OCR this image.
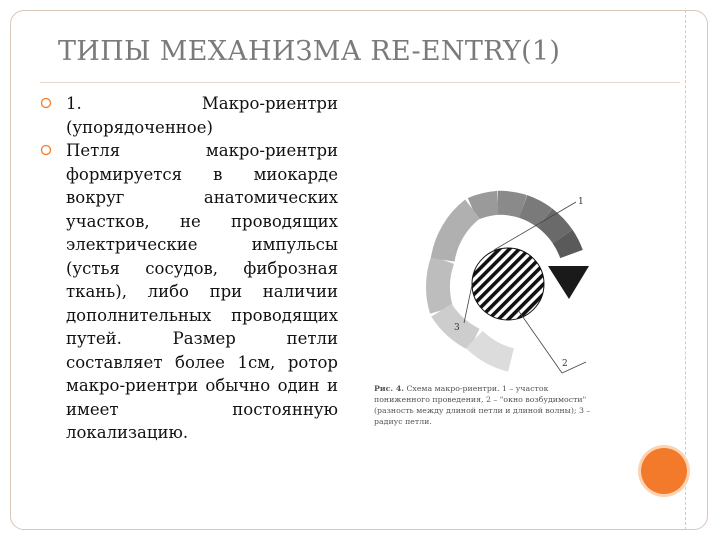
ТИПЫ МЕХАНИЗМА RE-ENTRY(1)
1. Макро-риентри (упорядоченное)
Петля макро-риентри формируется в миокарде вокруг анатомических участков, не проводящих электрические импульсы (устья сосудов, фиброзная ткань), либо при наличии дополнительных проводящих путей. Размер петли составляет более 1см, ротор макро-риентри обычно один и имеет постоянную локализацию.
1
3
2
Рис. 4. Схема макро-риентри. 1 – участок пониженного проведения, 2 – "окно возбудимости" (разность между длиной петли и длиной волны); 3 – радиус петли.
